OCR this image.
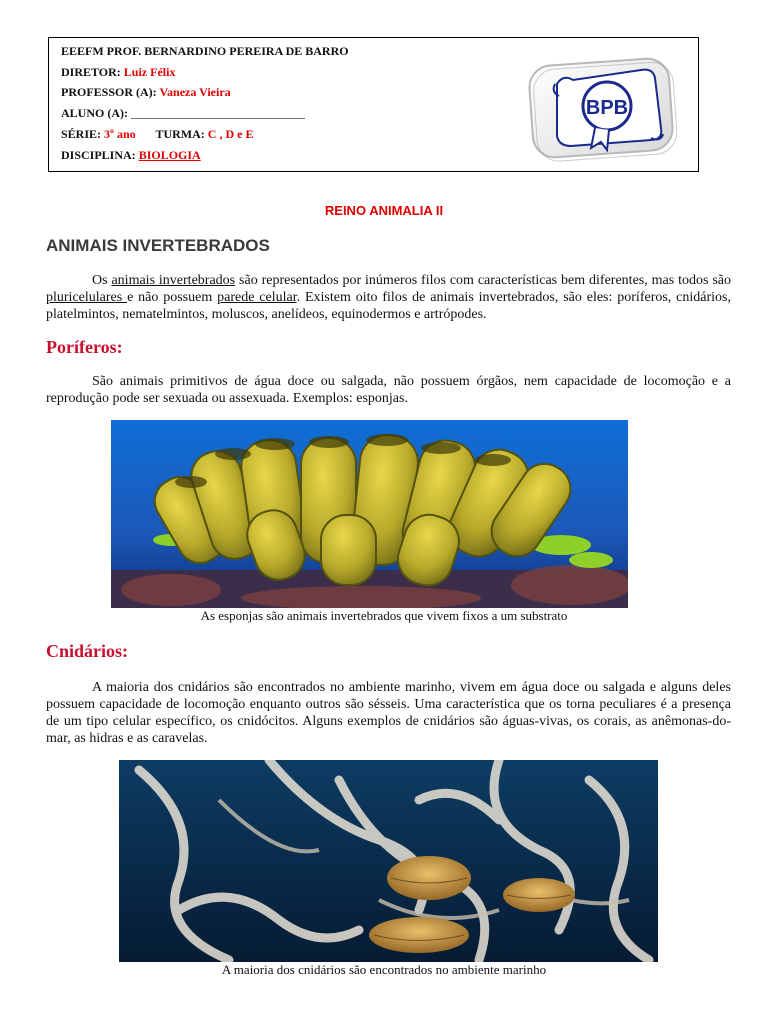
EEEFM PROF. BERNARDINO PEREIRA DE BARRO
DIRETOR: Luiz Félix
PROFESSOR (A): Vaneza Vieira
ALUNO (A): _____________________________
SÉRIE: 3º ano TURMA: C , D e E
DISCIPLINA: BIOLOGIA
BPB
REINO ANIMALIA II
ANIMAIS INVERTEBRADOS

Os animais invertebrados são representados por inúmeros filos com características bem diferentes, mas todos são pluricelulares e não possuem parede celular. Existem oito filos de animais invertebrados, são eles: poríferos, cnidários, platelmintos, nematelmintos, moluscos, anelídeos, equinodermos e artrópodes.

Poríferos:

São animais primitivos de água doce ou salgada, não possuem órgãos, nem capacidade de locomoção e a reprodução pode ser sexuada ou assexuada. Exemplos: esponjas.

As esponjas são animais invertebrados que vivem fixos a um substrato
Cnidários:

A maioria dos cnidários são encontrados no ambiente marinho, vivem em água doce ou salgada e alguns deles possuem capacidade de locomoção enquanto outros são sésseis. Uma característica que os torna peculiares é a presença de um tipo celular específico, os cnidócitos. Alguns exemplos de cnidários são águas-vivas, os corais, as anêmonas-do-mar, as hidras e as caravelas.

A maioria dos cnidários são encontrados no ambiente marinho
